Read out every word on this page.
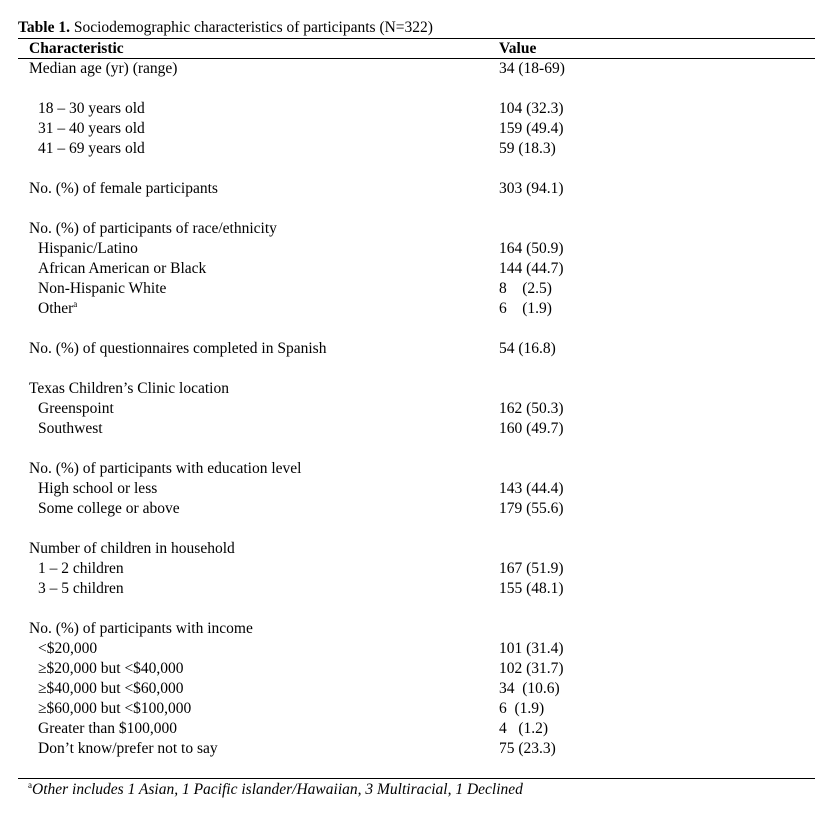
Table 1. Sociodemographic characteristics of participants (N=322)
Characteristic	Value

Median age (yr) (range)	34 (18-69)

18 – 30 years old	104 (32.3)
31 – 40 years old	159 (49.4)
41 – 69 years old	59 (18.3)

No. (%) of female participants	303 (94.1)

No. (%) of participants of race/ethnicity	
Hispanic/Latino	164 (50.9)
African American or Black	144 (44.7)
Non-Hispanic White	8    (2.5)
Other$^a$	6    (1.9)

No. (%) of questionnaires completed in Spanish	54 (16.8)

Texas Children’s Clinic location	
Greenspoint	162 (50.3)
Southwest	160 (49.7)

No. (%) of participants with education level	
High school or less	143 (44.4)
Some college or above	179 (55.6)

Number of children in household	
1 – 2 children	167 (51.9)
3 – 5 children	155 (48.1)

No. (%) of participants with income	
<$20,000	101 (31.4)
≥$20,000 but <$40,000	102 (31.7)
≥$40,000 but <$60,000	34  (10.6)
≥$60,000 but <$100,000	6  (1.9)
Greater than $100,000	4   (1.2)
Don’t know/prefer not to say	75 (23.3)
$^a$Other includes 1 Asian, 1 Pacific islander/Hawaiian, 3 Multiracial, 1 Declined
